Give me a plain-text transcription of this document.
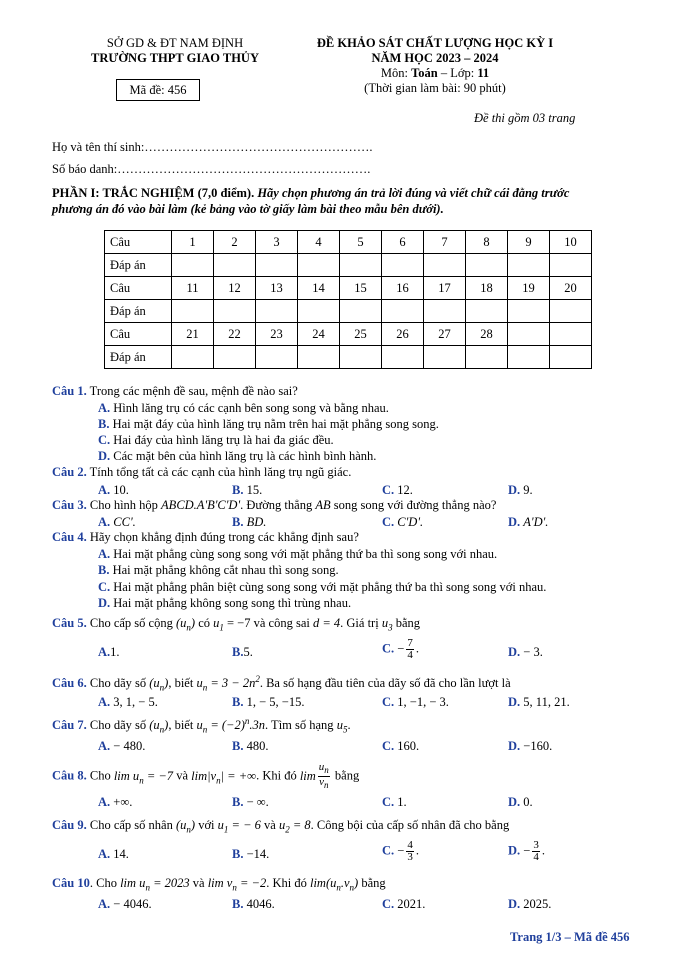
SỞ GD & ĐT NAM ĐỊNH
TRƯỜNG THPT GIAO THỦY
Mã đề: 456
ĐỀ KHẢO SÁT CHẤT LƯỢNG HỌC KỲ I
NĂM HỌC 2023 – 2024
Môn: Toán – Lớp: 11
(Thời gian làm bài: 90 phút)
Đề thi gồm 03 trang
Họ và tên thí sinh:……………………………………………….
Số báo danh:…………………………………………………….
PHẦN I: TRẮC NGHIỆM (7,0 điểm). Hãy chọn phương án trả lời đúng và viết chữ cái đằng trước
phương án đó vào bài làm (kẻ bảng vào tờ giấy làm bài theo mẫu bên dưới).
Câu	1	2	3	4	5	6	7	8	9	10
Đáp án										
Câu	11	12	13	14	15	16	17	18	19	20
Đáp án										
Câu	21	22	23	24	25	26	27	28		
Đáp án										
Câu 1. Trong các mệnh đề sau, mệnh đề nào sai?
A. Hình lăng trụ có các cạnh bên song song và bằng nhau.
B. Hai mặt đáy của hình lăng trụ nằm trên hai mặt phẳng song song.
C. Hai đáy của hình lăng trụ là hai đa giác đều.
D. Các mặt bên của hình lăng trụ là các hình bình hành.
Câu 2. Tính tổng tất cả các cạnh của hình lăng trụ ngũ giác.
A. 10.	B. 15.	C. 12.	D. 9.
Câu 3. Cho hình hộp ABCD.A'B'C'D'. Đường thẳng AB song song với đường thẳng nào?
A. CC'.	B. BD.	C. C'D'.	D. A'D'.
Câu 4. Hãy chọn khẳng định đúng trong các khẳng định sau?
A. Hai mặt phẳng cùng song song với mặt phẳng thứ ba thì song song với nhau.
B. Hai mặt phẳng không cắt nhau thì song song.
C. Hai mặt phẳng phân biệt cùng song song với mặt phẳng thứ ba thì song song với nhau.
D. Hai mặt phẳng không song song thì trùng nhau.
Câu 5. Cho cấp số cộng $(u_n)$ có $u_1 = -7$ và công sai d = 4. Giá trị $u_3$ bằng
A.1.	B.5.	C. − $\frac{7}{4}$ .	D. − 3.
Câu 6. Cho dãy số $(u_n)$, biết $u_n = 3 - 2n^2$. Ba số hạng đầu tiên của dãy số đã cho lần lượt là
A. 3, 1, − 5.	B. 1, − 5, −15.	C. 1, −1, − 3.	D. 5, 11, 21.
Câu 7. Cho dãy số $(u_n)$, biết $u_n = (-2)^n.3n$. Tìm số hạng $u_5$.
A. − 480.	B. 480.	C. 160.	D. −160.
Câu 8. Cho $\lim u_n = -7$ và $\lim|v_n|$ = +∞. Khi đó $\lim \frac{u_n}{v_n}$ bằng
A. +∞.	B. − ∞.	C. 1.	D. 0.
Câu 9. Cho cấp số nhân $(u_n)$ với $u_1$ = − 6 và $u_2 = 8$. Công bội của cấp số nhân đã cho bằng
A. 14.	B. −14.	C. − $\frac{4}{3}$ .	D. − $\frac{3}{4}$ .
Câu 10. Cho $\lim u_n = 2023$ và $\lim v_n = -2$. Khi đó $\lim(u_n.v_n)$ bằng
A. − 4046.	B. 4046.	C. 2021.	D. 2025.
Trang 1/3 – Mã đề 456
